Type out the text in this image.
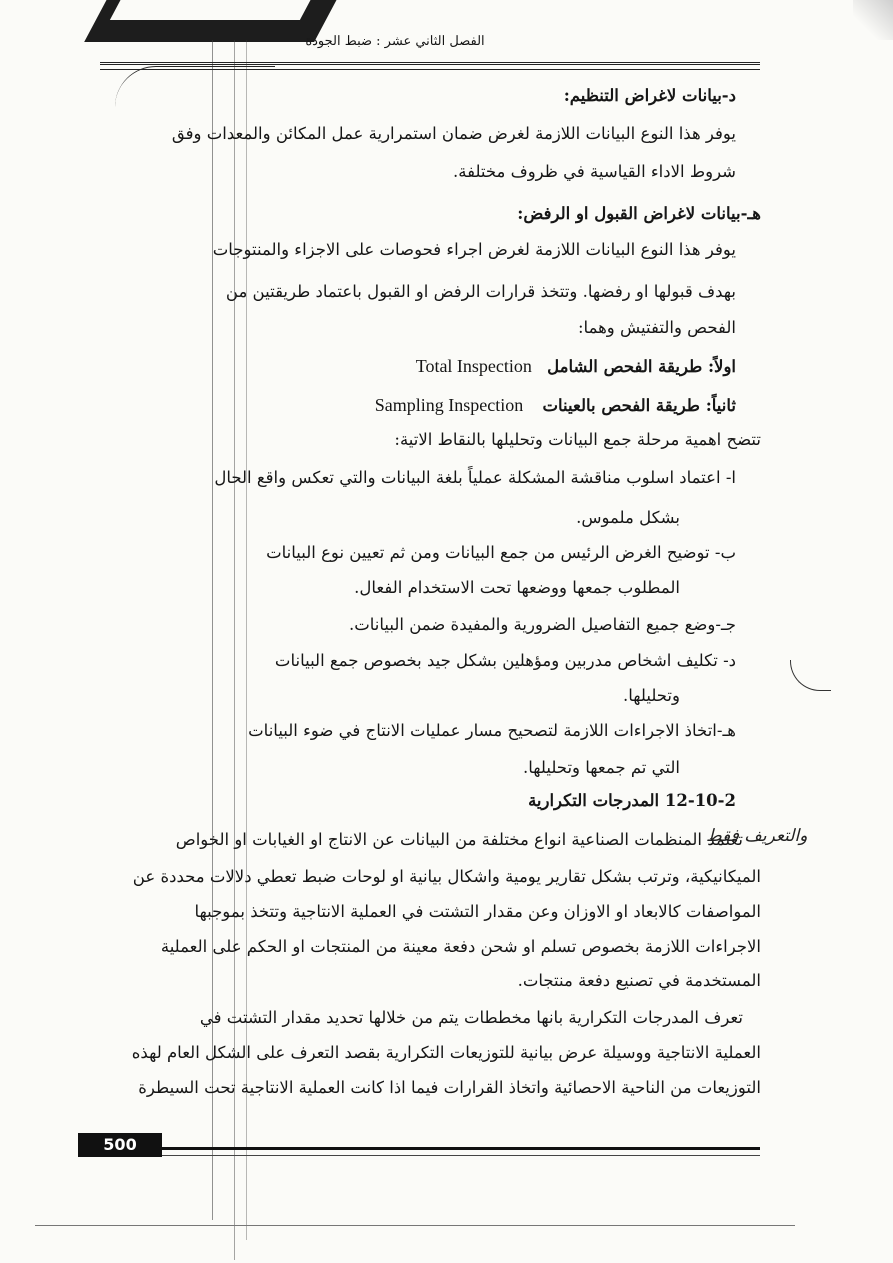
الفصل الثاني عشر : ضبط الجودة
د-بيانات لاغراض التنظيم:
يوفر هذا النوع البيانات اللازمة لغرض ضمان استمرارية عمل المكائن والمعدات وفق
شروط الاداء القياسية في ظروف مختلفة.
هـ-بيانات لاغراض القبول او الرفض:
يوفر هذا النوع البيانات اللازمة لغرض اجراء فحوصات على الاجزاء والمنتوجات
بهدف قبولها او رفضها. وتتخذ قرارات الرفض او القبول باعتماد طريقتين من
الفحص والتفتيش وهما:
اولاً: طريقة الفحص الشامل Total Inspection
ثانياً: طريقة الفحص بالعينات Sampling Inspection
تتضح اهمية مرحلة جمع البيانات وتحليلها بالنقاط الاتية:
ا- اعتماد اسلوب مناقشة المشكلة عملياً بلغة البيانات والتي تعكس واقع الحال
بشكل ملموس.
ب- توضيح الغرض الرئيس من جمع البيانات ومن ثم تعيين نوع البيانات
المطلوب جمعها ووضعها تحت الاستخدام الفعال.
جـ-وضع جميع التفاصيل الضرورية والمفيدة ضمن البيانات.
د- تكليف اشخاص مدربين ومؤهلين بشكل جيد بخصوص جمع البيانات
وتحليلها.
هـ-اتخاذ الاجراءات اللازمة لتصحيح مسار عمليات الانتاج في ضوء البيانات
التي تم جمعها وتحليلها.
12-10-2 المدرجات التكرارية
تعتمد المنظمات الصناعية انواع مختلفة من البيانات عن الانتاج او الغيابات او الخواص
الميكانيكية، وترتب بشكل تقارير يومية واشكال بيانية او لوحات ضبط تعطي دلالات محددة عن
المواصفات كالابعاد او الاوزان وعن مقدار التشتت في العملية الانتاجية وتتخذ بموجبها
الاجراءات اللازمة بخصوص تسلم او شحن دفعة معينة من المنتجات او الحكم على العملية
المستخدمة في تصنيع دفعة منتجات.
تعرف المدرجات التكرارية بانها مخططات يتم من خلالها تحديد مقدار التشتت في
العملية الانتاجية ووسيلة عرض بيانية للتوزيعات التكرارية بقصد التعرف على الشكل العام لهذه
التوزيعات من الناحية الاحصائية واتخاذ القرارات فيما اذا كانت العملية الانتاجية تحت السيطرة
والتعريف فقط
500
